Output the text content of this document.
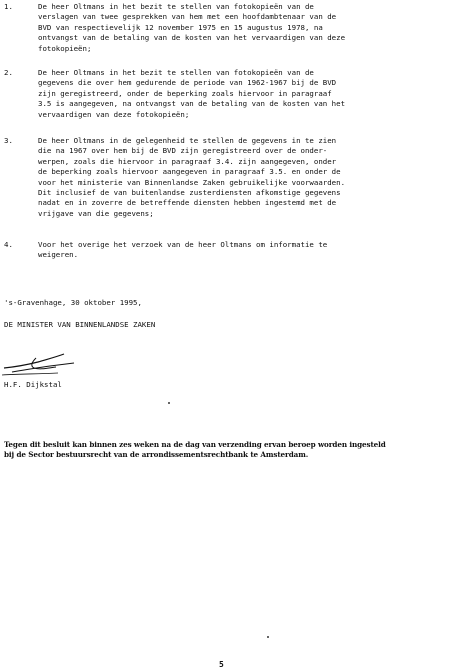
1.	De heer Oltmans in het bezit te stellen van fotokopieën van de
verslagen van twee gesprekken van hem met een hoofdambtenaar van de
BVD van respectievelijk 12 november 1975 en 15 augustus 1978, na
ontvangst van de betaling van de kosten van het vervaardigen van deze
fotokopieën;
2.	De heer Oltmans in het bezit te stellen van fotokopieën van de
gegevens die over hem gedurende de periode van 1962-1967 bij de BVD
zijn geregistreerd, onder de beperking zoals hiervoor in paragraaf
3.5 is aangegeven, na ontvangst van de betaling van de kosten van het
vervaardigen van deze fotokopieën;
3.	De heer Oltmans in de gelegenheid te stellen de gegevens in te zien
die na 1967 over hem bij de BVD zijn geregistreerd over de onder-
werpen, zoals die hiervoor in paragraaf 3.4. zijn aangegeven, onder
de beperking zoals hiervoor aangegeven in paragraaf 3.5. en onder de
voor het ministerie van Binnenlandse Zaken gebruikelijke voorwaarden.
Dit inclusief de van buitenlandse zusterdiensten afkomstige gegevens
nadat en in zoverre de betreffende diensten hebben ingestemd met de
vrijgave van die gegevens;
4.	Voor het overige het verzoek van de heer Oltmans om informatie te
weigeren.
's-Gravenhage, 30 oktober 1995,
DE MINISTER VAN BINNENLANDSE ZAKEN
H.F. Dijkstal
Tegen dit besluit kan binnen zes weken na de dag van verzending ervan beroep worden ingesteld
bij de Sector bestuursrecht van de arrondissementsrechtbank te Amsterdam.
5
